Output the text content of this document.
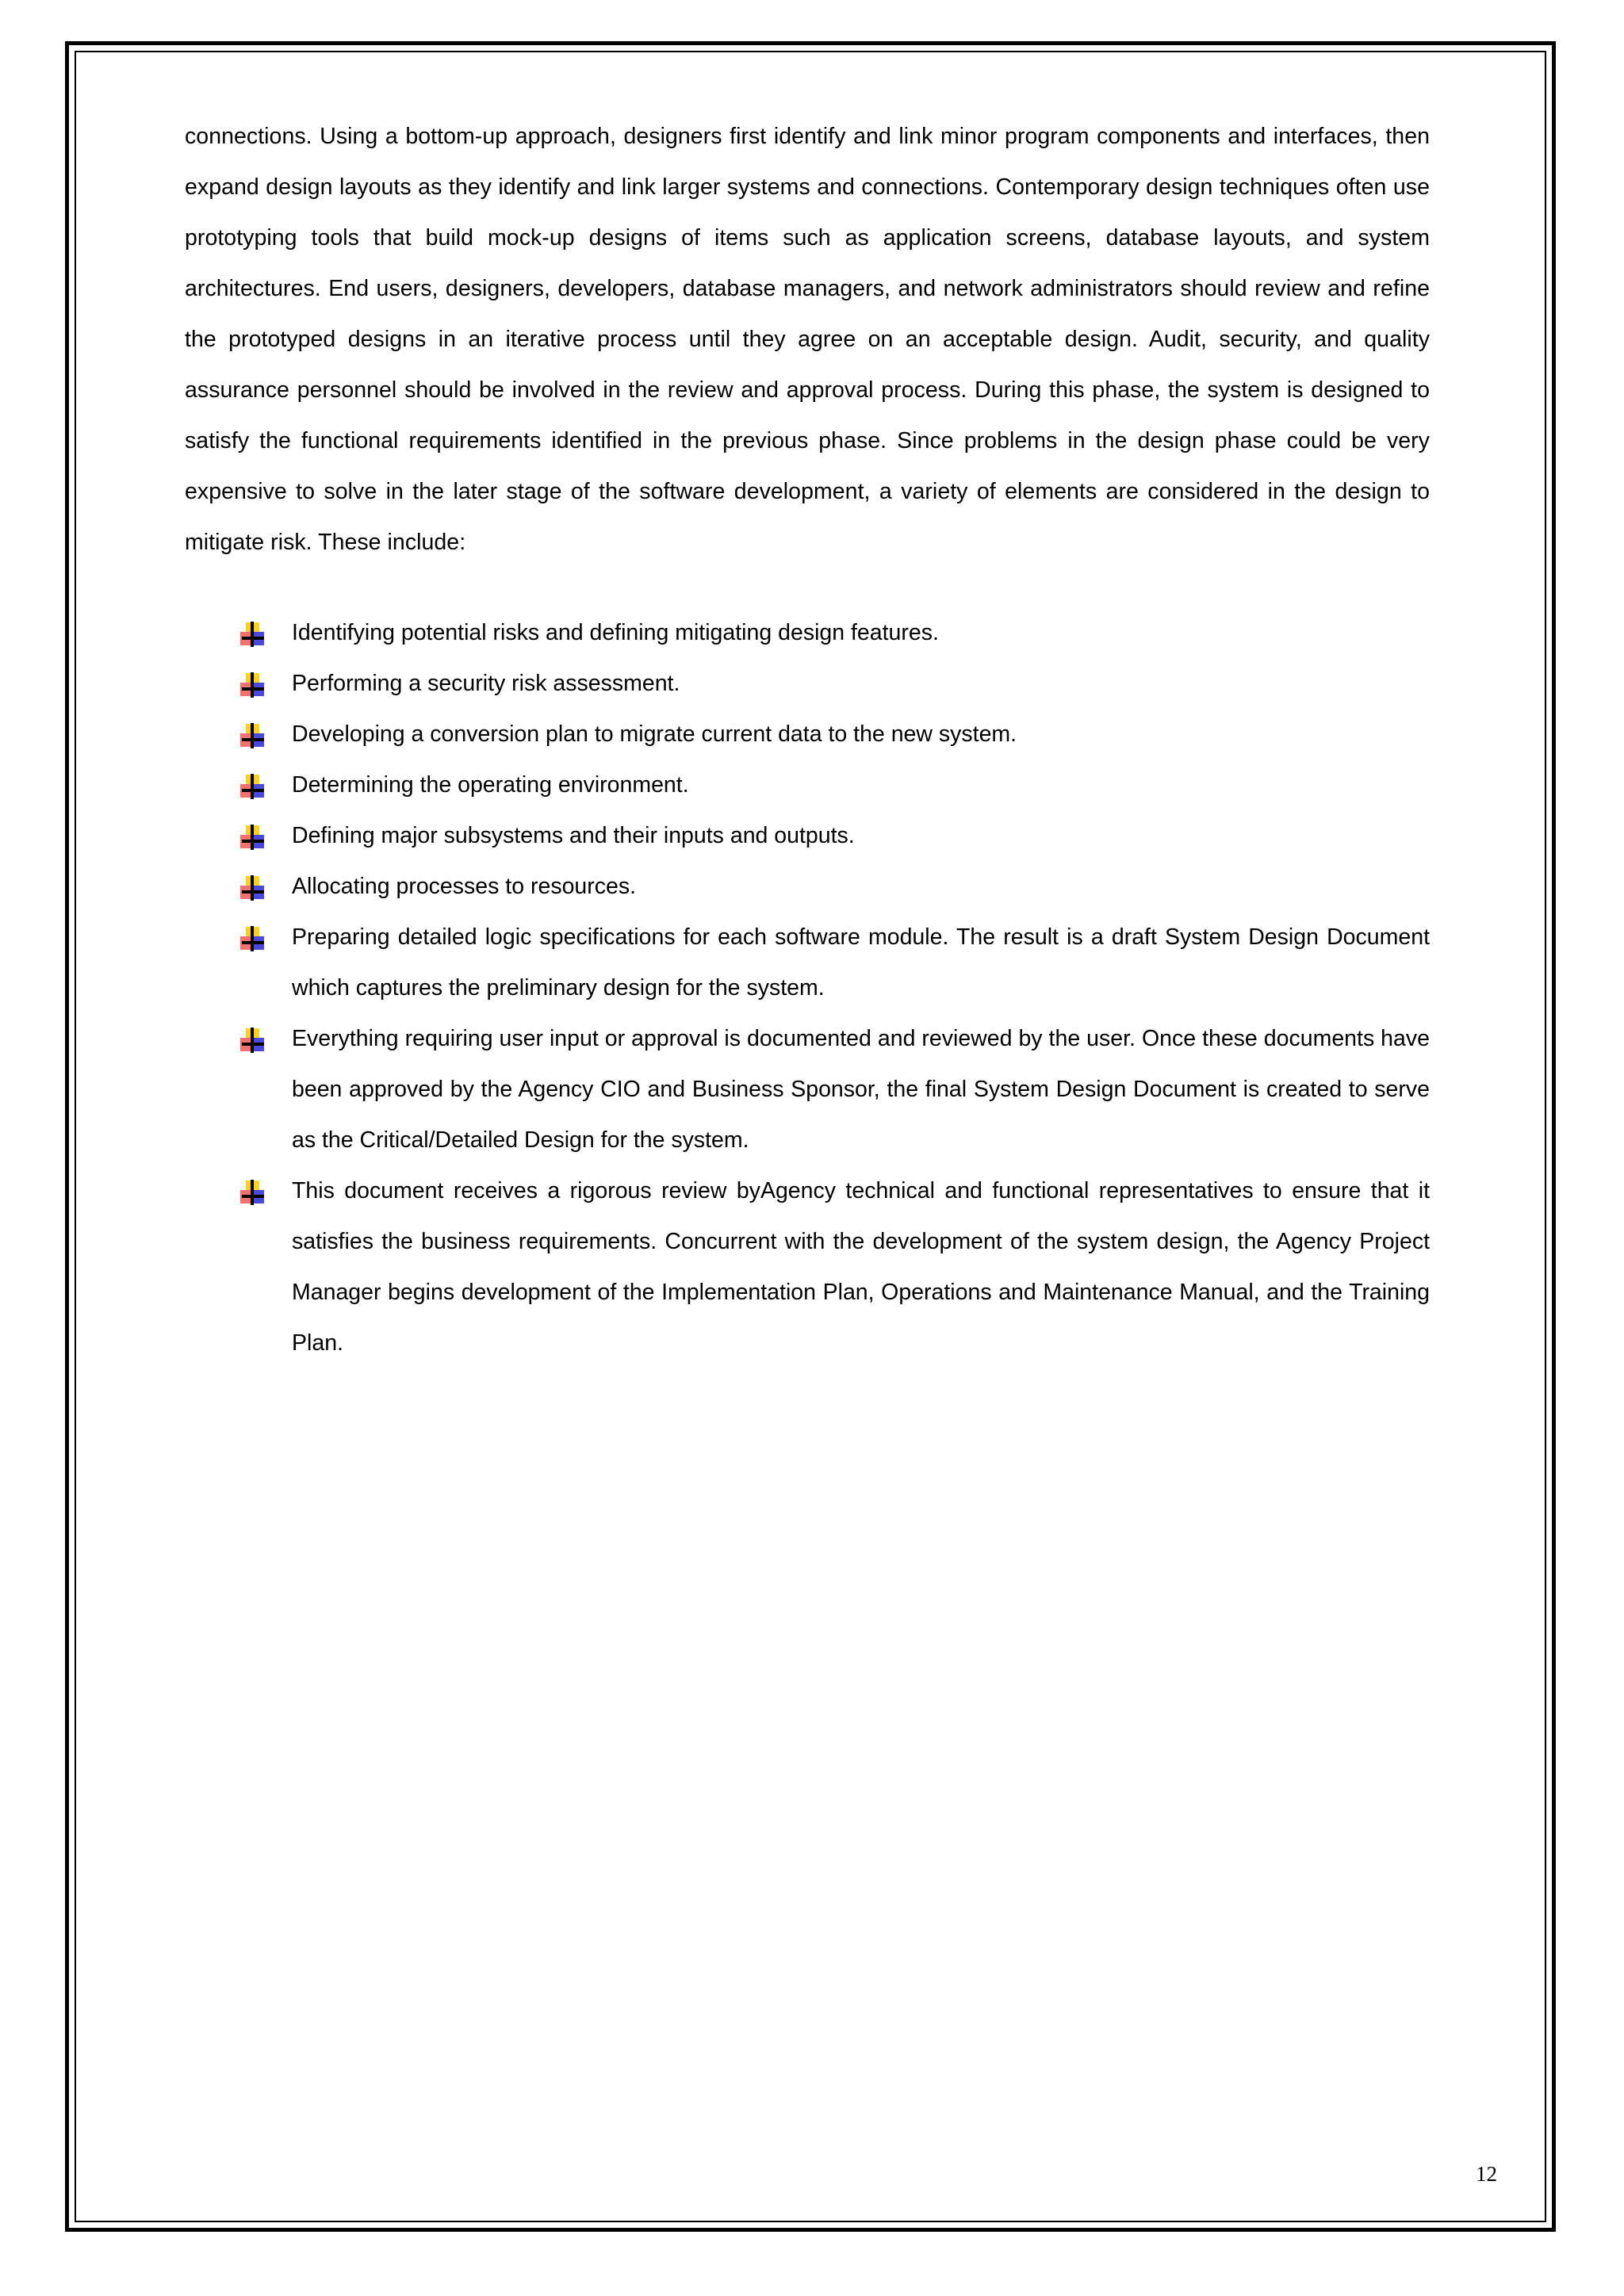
connections. Using a bottom-up approach, designers first identify and link minor program components and interfaces, then expand design layouts as they identify and link larger systems and connections. Contemporary design techniques often use prototyping tools that build mock-up designs of items such as application screens, database layouts, and system architectures. End users, designers, developers, database managers, and network administrators should review and refine the prototyped designs in an iterative process until they agree on an acceptable design. Audit, security, and quality assurance personnel should be involved in the review and approval process. During this phase, the system is designed to satisfy the functional requirements identified in the previous phase. Since problems in the design phase could be very expensive to solve in the later stage of the software development, a variety of elements are considered in the design to mitigate risk. These include:

Identifying potential risks and defining mitigating design features.
Performing a security risk assessment.
Developing a conversion plan to migrate current data to the new system.
Determining the operating environment.
Defining major subsystems and their inputs and outputs.
Allocating processes to resources.
Preparing detailed logic specifications for each software module. The result is a draft System Design Document which captures the preliminary design for the system.
Everything requiring user input or approval is documented and reviewed by the user. Once these documents have been approved by the Agency CIO and Business Sponsor, the final System Design Document is created to serve as the Critical/Detailed Design for the system.
This document receives a rigorous review byAgency technical and functional representatives to ensure that it satisfies the business requirements. Concurrent with the development of the system design, the Agency Project Manager begins development of the Implementation Plan, Operations and Maintenance Manual, and the Training Plan.
12
